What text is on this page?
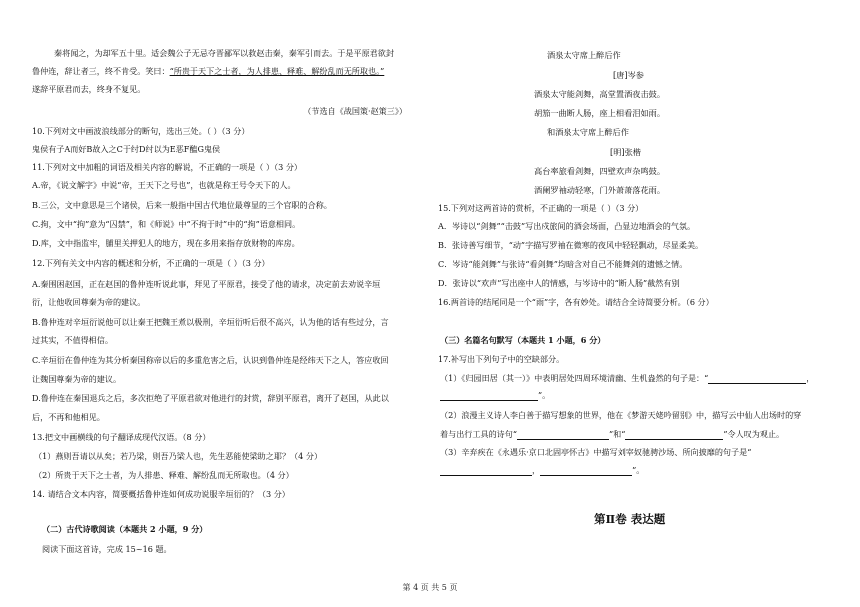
秦将闻之，为却军五十里。适会魏公子无忌夺晋鄙军以救赵击秦，秦军引而去。于是平原君欲封
鲁仲连，辞让者三，终不肯受。笑曰：“所贵于天下之士者，为人排患、释难、解纷乱而无所取也。”
遂辞平原君而去，终身不复见。
（节选自《战国策·赵策三》）
10.下列对文中画波浪线部分的断句，选出三处。（ ）（3 分）
鬼侯有子A而好B故入之C于纣D纣以为E恶F醢G鬼侯
11.下列对文中加粗的词语及相关内容的解说，不正确的一项是（ ）（3 分）
A.帝，《说文解字》中说“帝，王天下之号也”，也就是称王号令天下的人。
B.三公，文中意思是三个诸侯，后来一般指中国古代地位最尊显的三个官职的合称。
C.拘，文中“拘”意为“囚禁”，和《师说》中“不拘于时”中的“拘”语意相同。
D.库，文中指监牢，脯里关押犯人的地方，现在多用来指存放财物的库房。
12.下列有关文中内容的概述和分析，不正确的一项是（ ）（3 分）
A.秦围困赵国，正在赵国的鲁仲连听说此事，拜见了平原君，接受了他的请求，决定前去劝说辛垣
衍，让他收回尊秦为帝的建议。
B.鲁仲连对辛垣衍说他可以让秦王把魏王煮以极刑，辛垣衍听后很不高兴，认为他的话有些过分，言
过其实，不值得相信。
C.辛垣衍在鲁仲连为其分析秦国称帝以后的多重危害之后，认识到鲁仲连是经纬天下之人，答应收回
让魏国尊秦为帝的建议。
D.鲁仲连在秦国退兵之后，多次拒绝了平原君欲对他进行的封赏，辞别平原君，离开了赵国，从此以
后，不再和他相见。
13.把文中画横线的句子翻译成现代汉语。（8 分）
（1）燕则吾请以从矣；若乃梁，则吾乃梁人也，先生恶能使梁助之耶？（4 分）
（2）所贵于天下之士者，为人排患、释难、解纷乱而无所取也。（4 分）
14. 请结合文本内容，简要概括鲁仲连如何成功说服辛垣衍的？（3 分）
（二）古代诗歌阅读（本题共 2 小题，9 分）
阅读下面这首诗，完成 15~16 题。
酒泉太守席上醉后作
[唐]岑参
酒泉太守能剑舞，高堂置酒夜击鼓。
胡笳一曲断人肠，座上相看泪如雨。
和酒泉太守席上醉后作
[明]张楷
高台率旅看剑舞，四壁欢声杂鸣鼓。
酒阑罗袖动轻寒，门外萧萧落花雨。
15.下列对这两首诗的赏析，不正确的一项是（ ）（3 分）
A．岑诗以“剑舞”“击鼓”写出戍旅间的酒会场面，凸显边地酒会的气氛。
B．张诗善写细节，“动”字描写罗袖在微寒的夜风中轻轻飘动，尽显柔美。
C．岑诗“能剑舞”与张诗“看剑舞”均暗含对自己不能舞剑的遗憾之情。
D．张诗以“欢声”写出座中人的情感，与岑诗中的“断人肠”截然有别
16.两首诗的结尾同是一个“雨”字，各有妙处。请结合全诗简要分析。（6 分）
（三）名篇名句默写（本题共 1 小题，6 分）
17.补写出下列句子中的空缺部分。
（1）《归园田居（其一）》中表明居处四周环境清幽、生机盎然的句子是：“	，
”。
（2）浪漫主义诗人李白善于描写想象的世界，他在《梦游天姥吟留别》中，描写云中仙人出场时的穿
着与出行工具的诗句“	”和“	”令人叹为观止。
（3）辛弃疾在《永遇乐·京口北固亭怀古》中描写刘宰奴驰骋沙场、所向披靡的句子是“
，	”。
第Ⅱ卷 表达题
第 4 页 共 5 页
